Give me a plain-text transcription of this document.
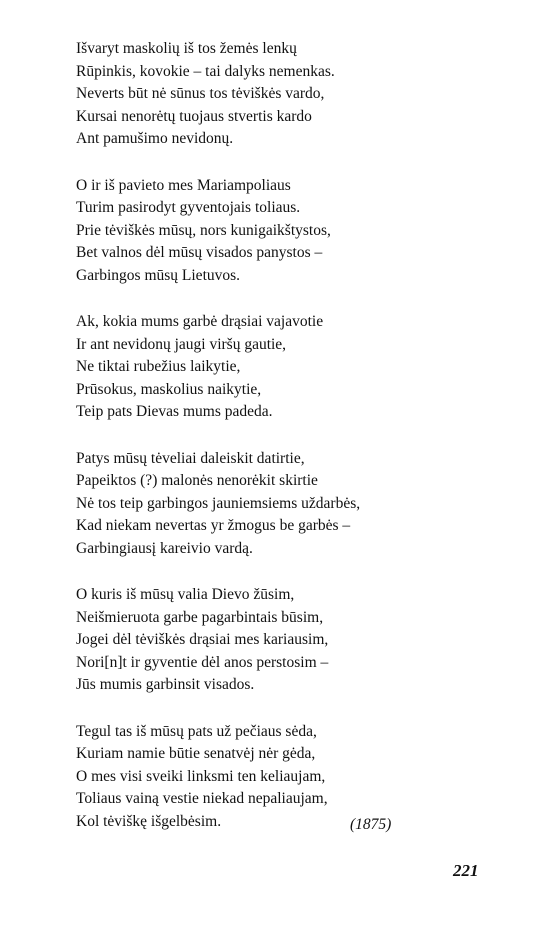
Išvaryt maskolių iš tos žemės lenkų
Rūpinkis, kovokie – tai dalyks nemenkas.
Neverts būt nė sūnus tos tėviškės vardo,
Kursai nenorėtų tuojaus stvertis kardo
Ant pamušimo nevidonų.
O ir iš pavieto mes Mariampoliaus
Turim pasirodyt gyventojais toliaus.
Prie tėviškės mūsų, nors kunigaikštystos,
Bet valnos dėl mūsų visados panystos –
Garbingos mūsų Lietuvos.
Ak, kokia mums garbė drąsiai vajavotie
Ir ant nevidonų jaugi viršų gautie,
Ne tiktai rubežius laikytie,
Prūsokus, maskolius naikytie,
Teip pats Dievas mums padeda.
Patys mūsų tėveliai daleiskit datirtie,
Papeiktos (?) malonės nenorėkit skirtie
Nė tos teip garbingos jauniemsiems uždarbės,
Kad niekam nevertas yr žmogus be garbės –
Garbingiausį kareivio vardą.
O kuris iš mūsų valia Dievo žūsim,
Neišmieruota garbe pagarbintais būsim,
Jogei dėl tėviškės drąsiai mes kariausim,
Nori[n]t ir gyventie dėl anos perstosim –
Jūs mumis garbinsit visados.
Tegul tas iš mūsų pats už pečiaus sėda,
Kuriam namie būtie senatvėj nėr gėda,
O mes visi sveiki linksmi ten keliaujam,
Toliaus vainą vestie niekad nepaliaujam,
Kol tėviškę išgelbėsim.	(1875)
221
